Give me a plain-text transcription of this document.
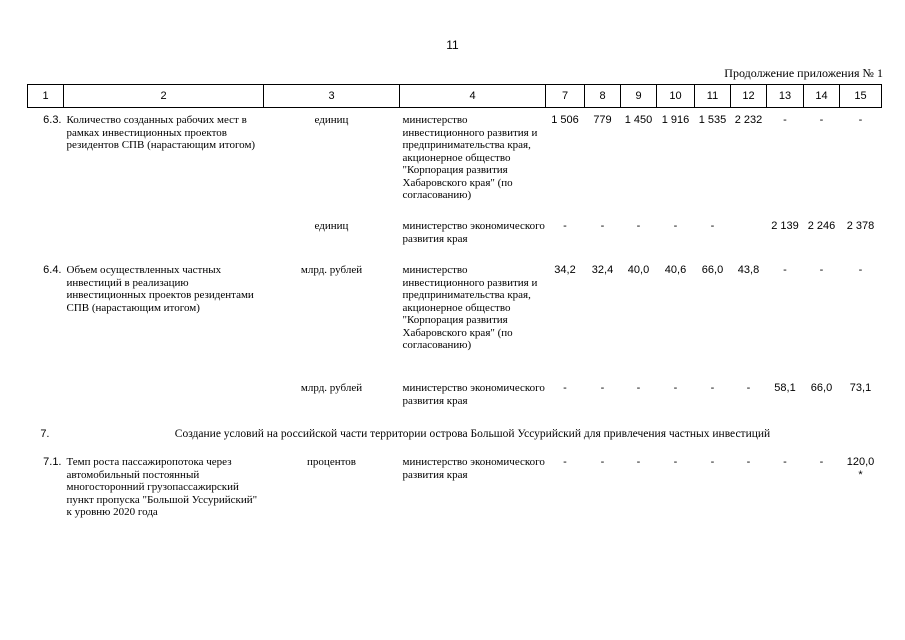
11
Продолжение приложения № 1
1	2	3	4	7	8	9	10	11	12	13	14	15
6.3.	Количество созданных рабочих мест в рамках инвестиционных проектов резидентов СПВ (нарастающим итогом)	единиц	министерство инвестиционного развития и предпринимательства края, акционерное общество "Корпорация развития Хабаровского края" (по согласованию)	1 506	779	1 450	1 916	1 535	2 232	-	-	-
		единиц	министерство экономического развития края	-	-	-	-	-		2 139	2 246	2 378
6.4.	Объем осуществленных частных инвестиций в реализацию инвестиционных проектов резидентами СПВ (нарастающим итогом)	млрд. рублей	министерство инвестиционного развития и предпринимательства края, акционерное общество "Корпорация развития Хабаровского края" (по согласованию)	34,2	32,4	40,0	40,6	66,0	43,8	-	-	-
		млрд. рублей	министерство экономического развития края	-	-	-	-	-	-	58,1	66,0	73,1
7.	Создание условий на российской части территории острова Большой Уссурийский для привлечения частных инвестиций											
7.1.	Темп роста пассажиропотока через автомобильный постоянный многосторонний грузопассажирский пункт пропуска "Большой Уссурийский" к уровню 2020 года	процентов	министерство экономического развития края	-	-	-	-	-	-	-	-	120,0
*
